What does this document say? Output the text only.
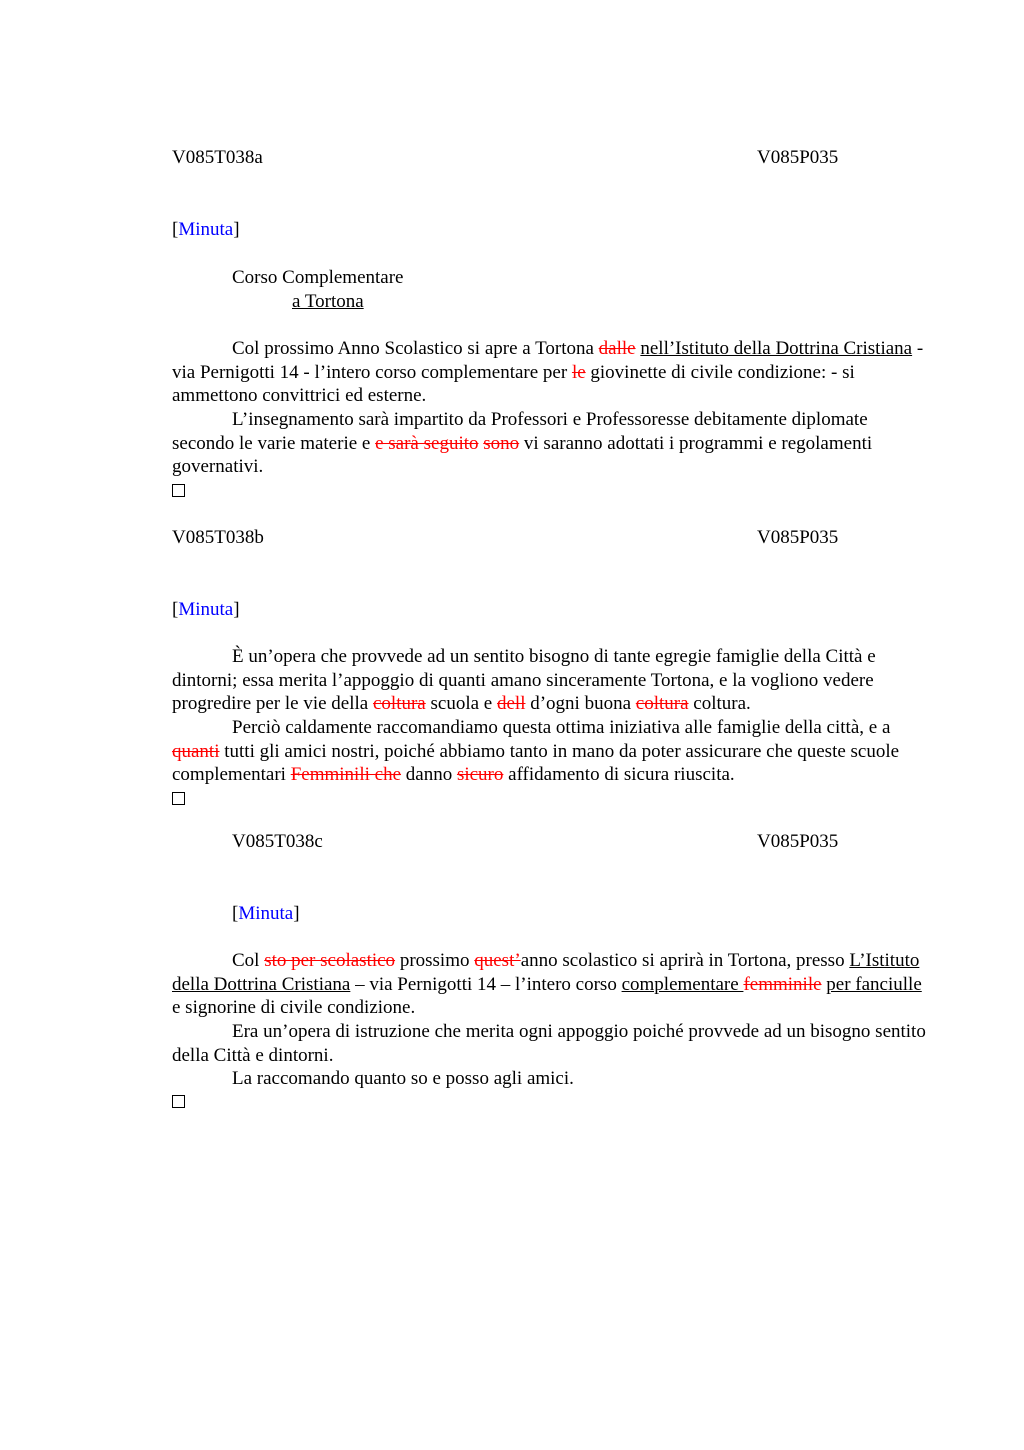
V085T038a	V085P035
[Minuta]
Corso Complementare
a Tortona
Col prossimo Anno Scolastico si apre a Tortona dalle nell’Istituto della Dottrina Cristiana - via Pernigotti 14 - l’intero corso complementare per le giovinette di civile condizione: - si ammettono convittrici ed esterne.
L’insegnamento sarà impartito da Professori e Professoresse debitamente diplomate secondo le varie materie e e sarà seguito sono vi saranno adottati i programmi e regolamenti governativi.
V085T038b	V085P035
[Minuta]
È un’opera che provvede ad un sentito bisogno di tante egregie famiglie della Città e dintorni; essa merita l’appoggio di quanti amano sinceramente Tortona, e la vogliono vedere progredire per le vie della coltura scuola e dell d’ogni buona coltura coltura.
Perciò caldamente raccomandiamo questa ottima iniziativa alle famiglie della città, e a quanti tutti gli amici nostri, poiché abbiamo tanto in mano da poter assicurare che queste scuole complementari Femminili che danno sicuro affidamento di sicura riuscita.
V085T038c	V085P035
[Minuta]
Col sto per scolastico prossimo quest’anno scolastico si aprirà in Tortona, presso L’Istituto della Dottrina Cristiana – via Pernigotti 14 – l’intero corso complementare femminile per fanciulle e signorine di civile condizione.
Era un’opera di istruzione che merita ogni appoggio poiché provvede ad un bisogno sentito della Città e dintorni.
La raccomando quanto so e posso agli amici.
